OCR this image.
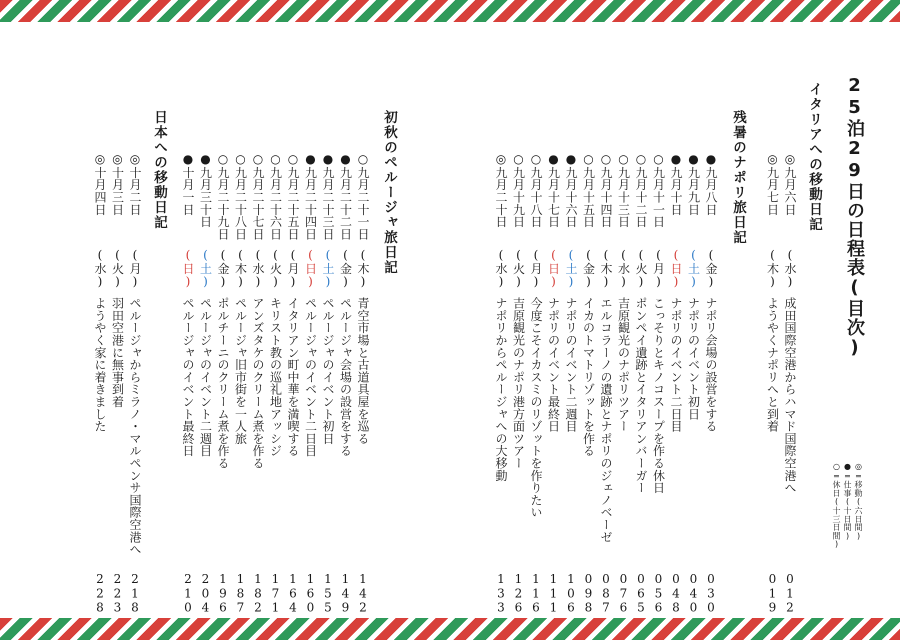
25泊29日の日程表(目次)
◎=移動(六日間)
●=仕事(十日間)
○=休日(十三日間)
イタリアへの移動日記
◎九月六日
(水)
成田国際空港からハマド国際空港へ
012
◎九月七日
(木)
ようやくナポリへと到着
019
残暑のナポリ旅日記
●九月八日
(金)
ナポリ会場の設営をする
030
●九月九日
(土)
ナポリのイベント初日
040
●九月十日
(日)
ナポリのイベント二日目
048
○九月十一日
(月)
こっそりとキノコスープを作る休日
056
○九月十二日
(火)
ポンペイ遺跡とイタリアンバーガー
065
○九月十三日
(水)
吉原観光のナポリツアー
076
○九月十四日
(木)
エルコラーノの遺跡とナポリのジェノベーゼ
087
○九月十五日
(金)
イカのトマトリゾットを作る
098
●九月十六日
(土)
ナポリのイベント二週目
106
●九月十七日
(日)
ナポリのイベント最終日
111
○九月十八日
(月)
今度こそイカスミのリゾットを作りたい
116
○九月十九日
(火)
吉原観光のナポリ港方面ツアー
126
◎九月二十日
(水)
ナポリからペルージャへの大移動
133
初秋のペルージャ旅日記
○九月二十一日
(木)
青空市場と古道具屋を巡る
142
●九月二十二日
(金)
ペルージャ会場の設営をする
149
●九月二十三日
(土)
ペルージャのイベント初日
155
●九月二十四日
(日)
ペルージャのイベント二日目
160
○九月二十五日
(月)
イタリアン町中華を満喫する
164
○九月二十六日
(火)
キリスト教の巡礼地アッシジ
171
○九月二十七日
(水)
アンズタケのクリーム煮を作る
182
○九月二十八日
(木)
ペルージャ旧市街を一人旅
187
○九月二十九日
(金)
ポルチーニのクリーム煮を作る
196
●九月三十日
(土)
ペルージャのイベント二週目
204
●十月一日
(日)
ペルージャのイベント最終日
210
日本への移動日記
◎十月二日
(月)
ペルージャからミラノ・マルペンサ国際空港へ
218
◎十月三日
(火)
羽田空港に無事到着
223
◎十月四日
(水)
ようやく家に着きました
228
